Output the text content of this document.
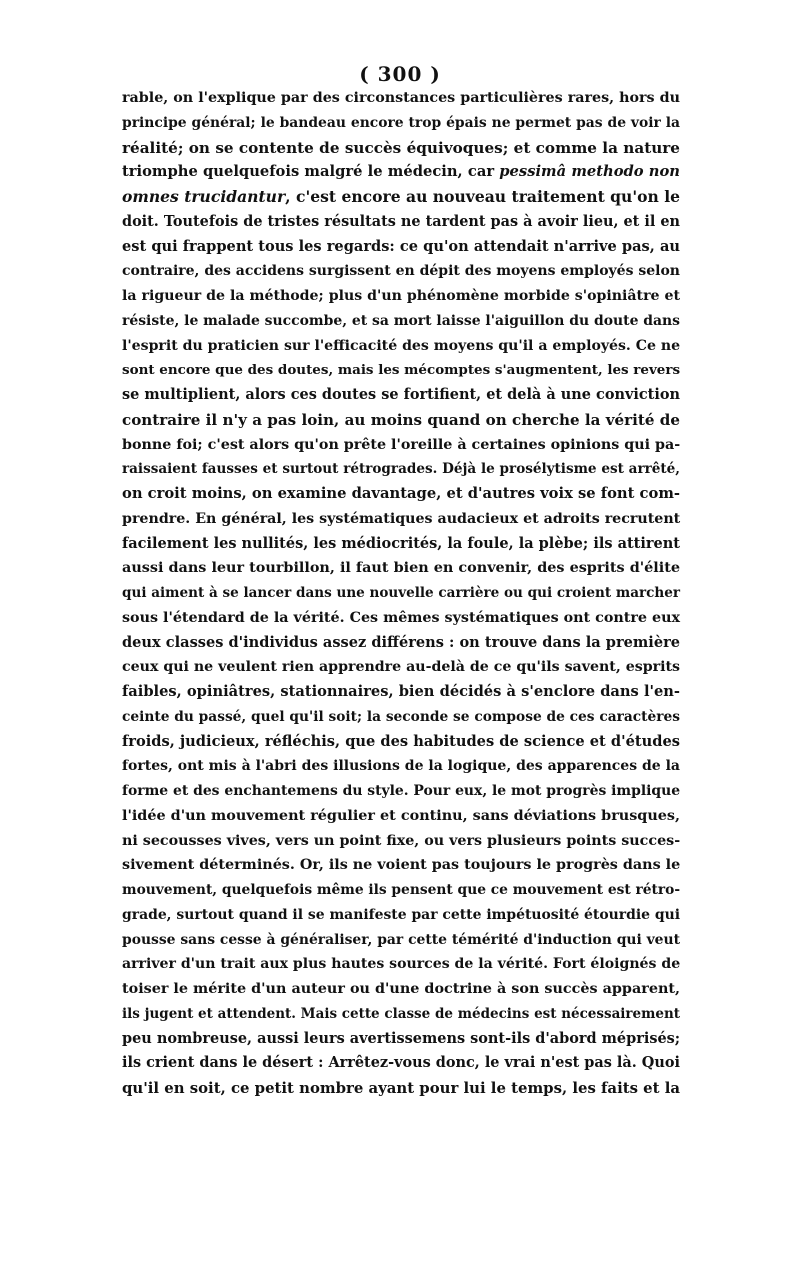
( 300 )
rable, on l'explique par des circonstances particulières rares, hors du
principe général; le bandeau encore trop épais ne permet pas de voir la
réalité; on se contente de succès équivoques; et comme la nature
triomphe quelquefois malgré le médecin, car pessimâ methodo non
omnes trucidantur, c'est encore au nouveau traitement qu'on le
doit. Toutefois de tristes résultats ne tardent pas à avoir lieu, et il en
est qui frappent tous les regards: ce qu'on attendait n'arrive pas, au
contraire, des accidens surgissent en dépit des moyens employés selon
la rigueur de la méthode; plus d'un phénomène morbide s'opiniâtre et
résiste, le malade succombe, et sa mort laisse l'aiguillon du doute dans
l'esprit du praticien sur l'efficacité des moyens qu'il a employés. Ce ne
sont encore que des doutes, mais les mécomptes s'augmentent, les revers
se multiplient, alors ces doutes se fortifient, et delà à une conviction
contraire il n'y a pas loin, au moins quand on cherche la vérité de
bonne foi; c'est alors qu'on prête l'oreille à certaines opinions qui pa-
raissaient fausses et surtout rétrogrades. Déjà le prosélytisme est arrêté,
on croit moins, on examine davantage, et d'autres voix se font com-
prendre. En général, les systématiques audacieux et adroits recrutent
facilement les nullités, les médiocrités, la foule, la plèbe; ils attirent
aussi dans leur tourbillon, il faut bien en convenir, des esprits d'élite
qui aiment à se lancer dans une nouvelle carrière ou qui croient marcher
sous l'étendard de la vérité. Ces mêmes systématiques ont contre eux
deux classes d'individus assez différens : on trouve dans la première
ceux qui ne veulent rien apprendre au-delà de ce qu'ils savent, esprits
faibles, opiniâtres, stationnaires, bien décidés à s'enclore dans l'en-
ceinte du passé, quel qu'il soit; la seconde se compose de ces caractères
froids, judicieux, réfléchis, que des habitudes de science et d'études
fortes, ont mis à l'abri des illusions de la logique, des apparences de la
forme et des enchantemens du style. Pour eux, le mot progrès implique
l'idée d'un mouvement régulier et continu, sans déviations brusques,
ni secousses vives, vers un point fixe, ou vers plusieurs points succes-
sivement déterminés. Or, ils ne voient pas toujours le progrès dans le
mouvement, quelquefois même ils pensent que ce mouvement est rétro-
grade, surtout quand il se manifeste par cette impétuosité étourdie qui
pousse sans cesse à généraliser, par cette témérité d'induction qui veut
arriver d'un trait aux plus hautes sources de la vérité. Fort éloignés de
toiser le mérite d'un auteur ou d'une doctrine à son succès apparent,
ils jugent et attendent. Mais cette classe de médecins est nécessairement
peu nombreuse, aussi leurs avertissemens sont-ils d'abord méprisés;
ils crient dans le désert : Arrêtez-vous donc, le vrai n'est pas là. Quoi
qu'il en soit, ce petit nombre ayant pour lui le temps, les faits et la
